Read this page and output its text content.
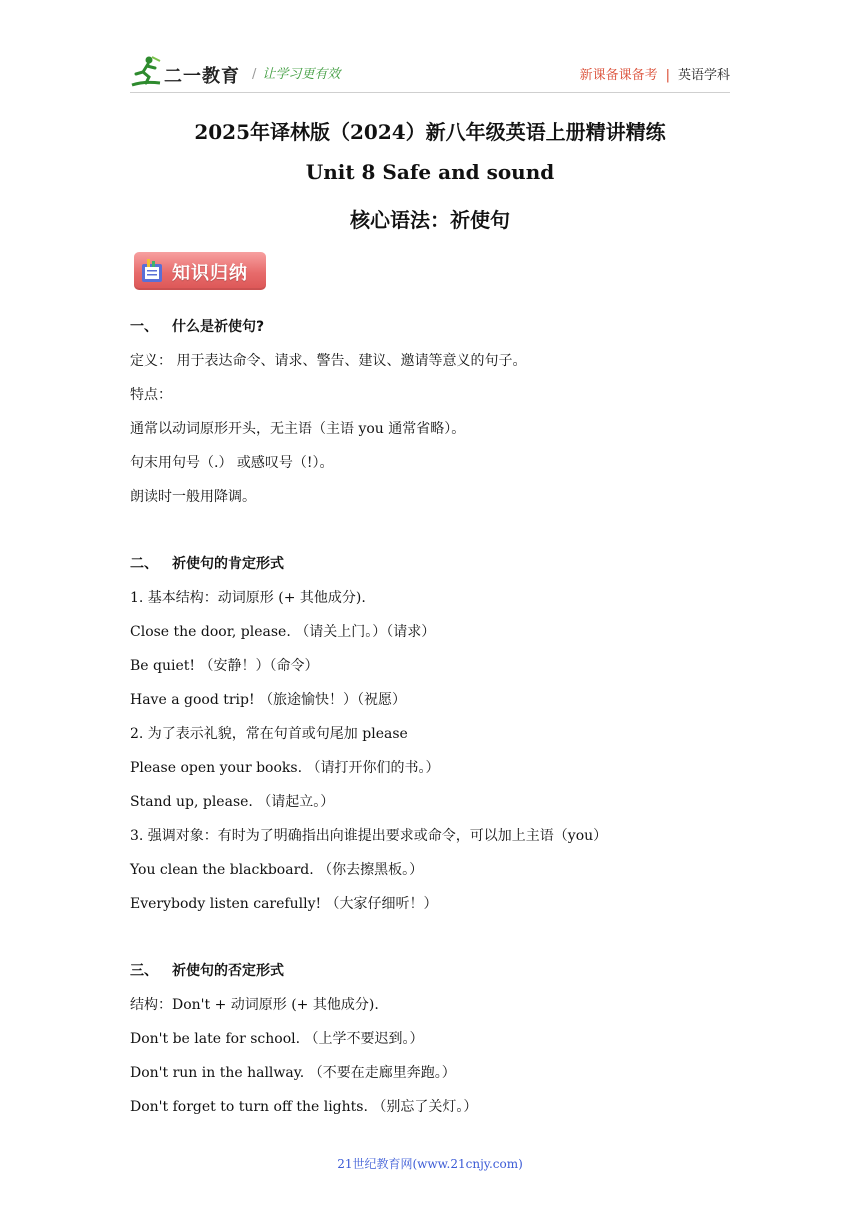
二一教育 / 让学习更有效	新课备课备考 | 英语学科
2025年译林版（2024）新八年级英语上册精讲精练
Unit 8 Safe and sound
核心语法：祈使句
知识归纳
一、 什么是祈使句?
定义： 用于表达命令、请求、警告、建议、邀请等意义的句子。
特点：
通常以动词原形开头，无主语（主语 you 通常省略）。
句末用句号（.） 或感叹号（!）。
朗读时一般用降调。
二、 祈使句的肯定形式
1. 基本结构：动词原形 (+ 其他成分).
Close the door, please. （请关上门。）（请求）
Be quiet! （安静！）（命令）
Have a good trip! （旅途愉快！）（祝愿）
2. 为了表示礼貌，常在句首或句尾加 please
Please open your books. （请打开你们的书。）
Stand up, please. （请起立。）
3. 强调对象：有时为了明确指出向谁提出要求或命令，可以加上主语（you）
You clean the blackboard. （你去擦黑板。）
Everybody listen carefully! （大家仔细听！）
三、 祈使句的否定形式
结构：Don't + 动词原形 (+ 其他成分).
Don't be late for school. （上学不要迟到。）
Don't run in the hallway. （不要在走廊里奔跑。）
Don't forget to turn off the lights. （别忘了关灯。）
21世纪教育网(www.21cnjy.com)
